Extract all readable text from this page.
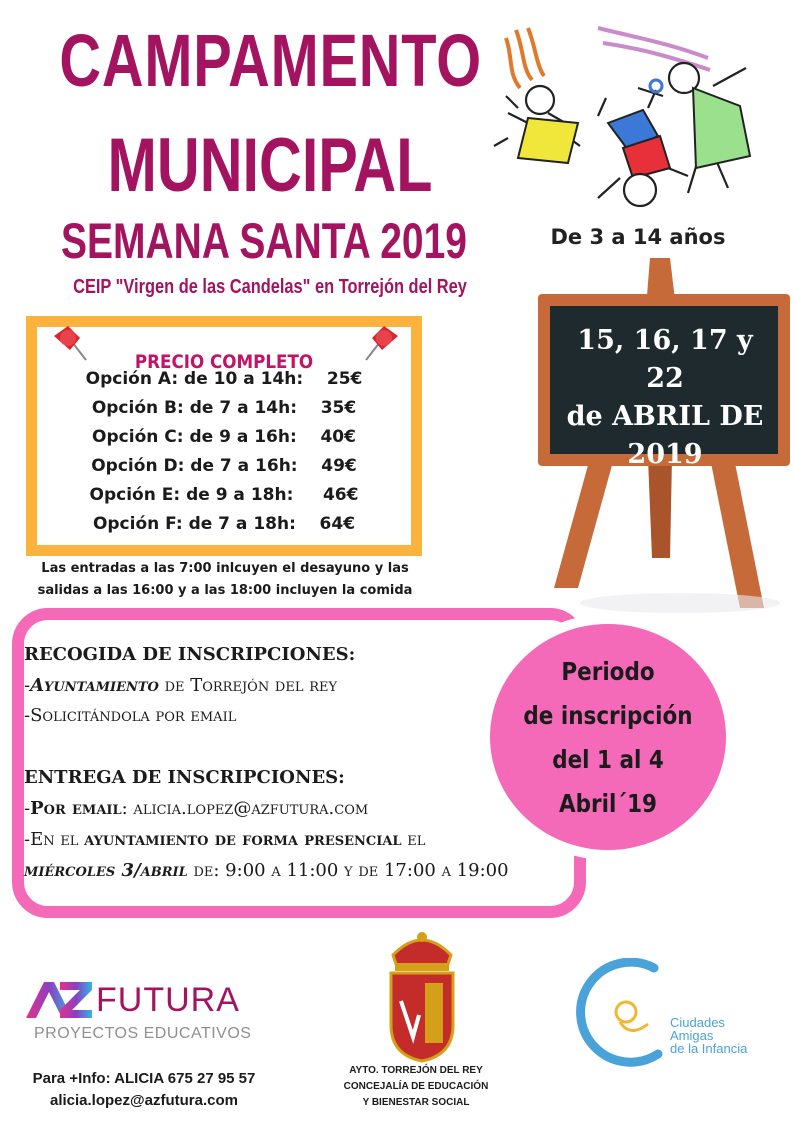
CAMPAMENTO
MUNICIPAL
SEMANA SANTA 2019
CEIP "Virgen de las Candelas" en Torrejón del Rey
De 3 a 14 años
PRECIO COMPLETO
Opción A: de 10 a 14h:    25€
Opción B: de 7 a 14h:    35€
Opción C: de 9 a 16h:    40€
Opción D: de 7 a 16h:    49€
Opción E: de 9 a 18h:     46€
Opción F: de 7 a 18h:    64€
Las entradas a las 7:00 inlcuyen el desayuno y las
salidas a las 16:00 y a las 18:00 incluyen la comida
15, 16, 17 y 22
de ABRIL DE
2019
RECOGIDA DE INSCRIPCIONES:
-Ayuntamiento de Torrejón del rey
-Solicitándola por email
ENTREGA DE INSCRIPCIONES:
-Por email: alicia.lopez@azfutura.com
-En el ayuntamiento de forma presencial el
miércoles 3/abril de: 9:00 a 11:00 y de 17:00 a 19:00
Periodo
de inscripción
del 1 al 4
Abril´19
FUTURA
PROYECTOS EDUCATIVOS
Para +Info: ALICIA 675 27 95 57
alicia.lopez@azfutura.com
AYTO. TORREJÓN DEL REY
CONCEJALÍA DE EDUCACIÓN
Y BIENESTAR SOCIAL
Ciudades
Amigas
de la Infancia
